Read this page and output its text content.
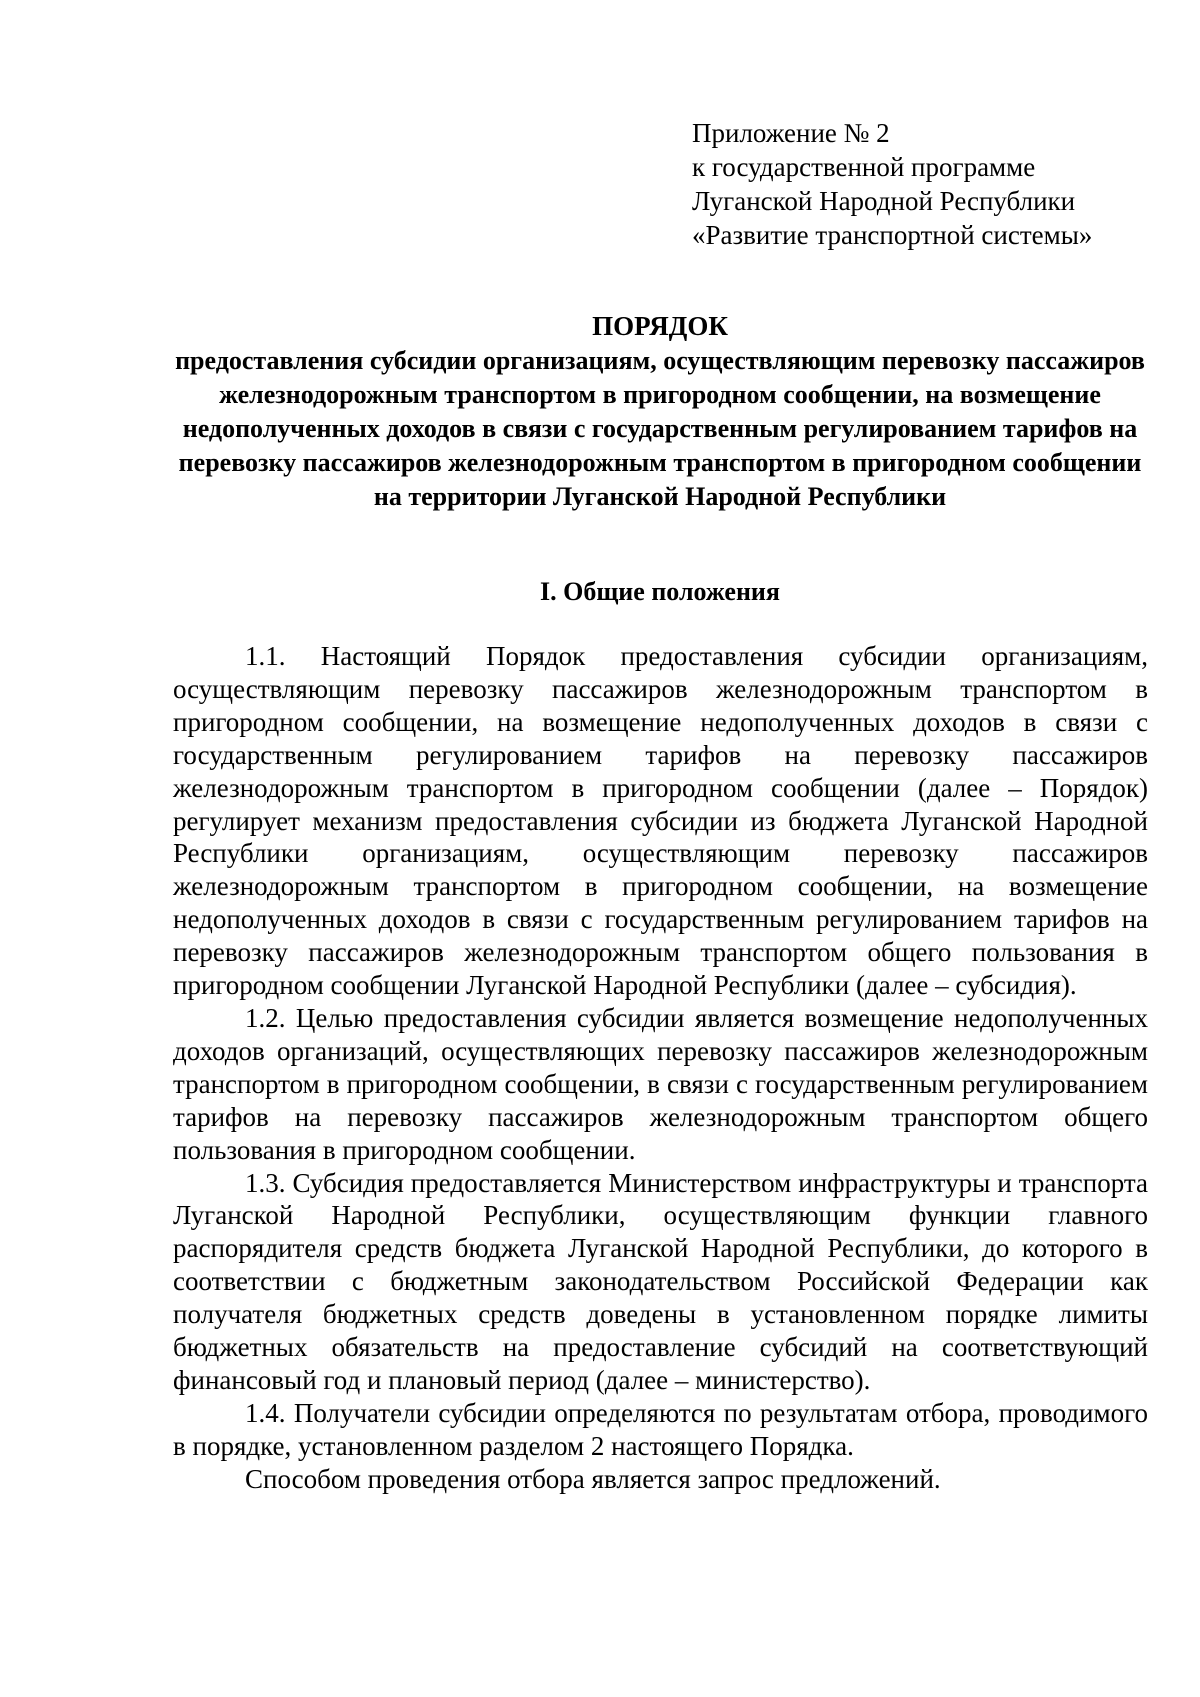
Приложение № 2
к государственной программе
Луганской Народной Республики
«Развитие транспортной системы»
ПОРЯДОК
предоставления субсидии организациям, осуществляющим перевозку пассажиров железнодорожным транспортом в пригородном сообщении, на возмещение недополученных доходов в связи с государственным регулированием тарифов на перевозку пассажиров железнодорожным транспортом в пригородном сообщении на территории Луганской Народной Республики
I. Общие положения

1.1. Настоящий Порядок предоставления субсидии организациям, осуществляющим перевозку пассажиров железнодорожным транспортом в пригородном сообщении, на возмещение недополученных доходов в связи с государственным регулированием тарифов на перевозку пассажиров железнодорожным транспортом в пригородном сообщении (далее – Порядок) регулирует механизм предоставления субсидии из бюджета Луганской Народной Республики организациям, осуществляющим перевозку пассажиров железнодорожным транспортом в пригородном сообщении, на возмещение недополученных доходов в связи с государственным регулированием тарифов на перевозку пассажиров железнодорожным транспортом общего пользования в пригородном сообщении Луганской Народной Республики (далее – субсидия).

1.2. Целью предоставления субсидии является возмещение недополученных доходов организаций, осуществляющих перевозку пассажиров железнодорожным транспортом в пригородном сообщении, в связи с государственным регулированием тарифов на перевозку пассажиров железнодорожным транспортом общего пользования в пригородном сообщении.

1.3. Субсидия предоставляется Министерством инфраструктуры и транспорта Луганской Народной Республики, осуществляющим функции главного распорядителя средств бюджета Луганской Народной Республики, до которого в соответствии с бюджетным законодательством Российской Федерации как получателя бюджетных средств доведены в установленном порядке лимиты бюджетных обязательств на предоставление субсидий на соответствующий финансовый год и плановый период (далее – министерство).

1.4. Получатели субсидии определяются по результатам отбора, проводимого в порядке, установленном разделом 2 настоящего Порядка.

Способом проведения отбора является запрос предложений.
